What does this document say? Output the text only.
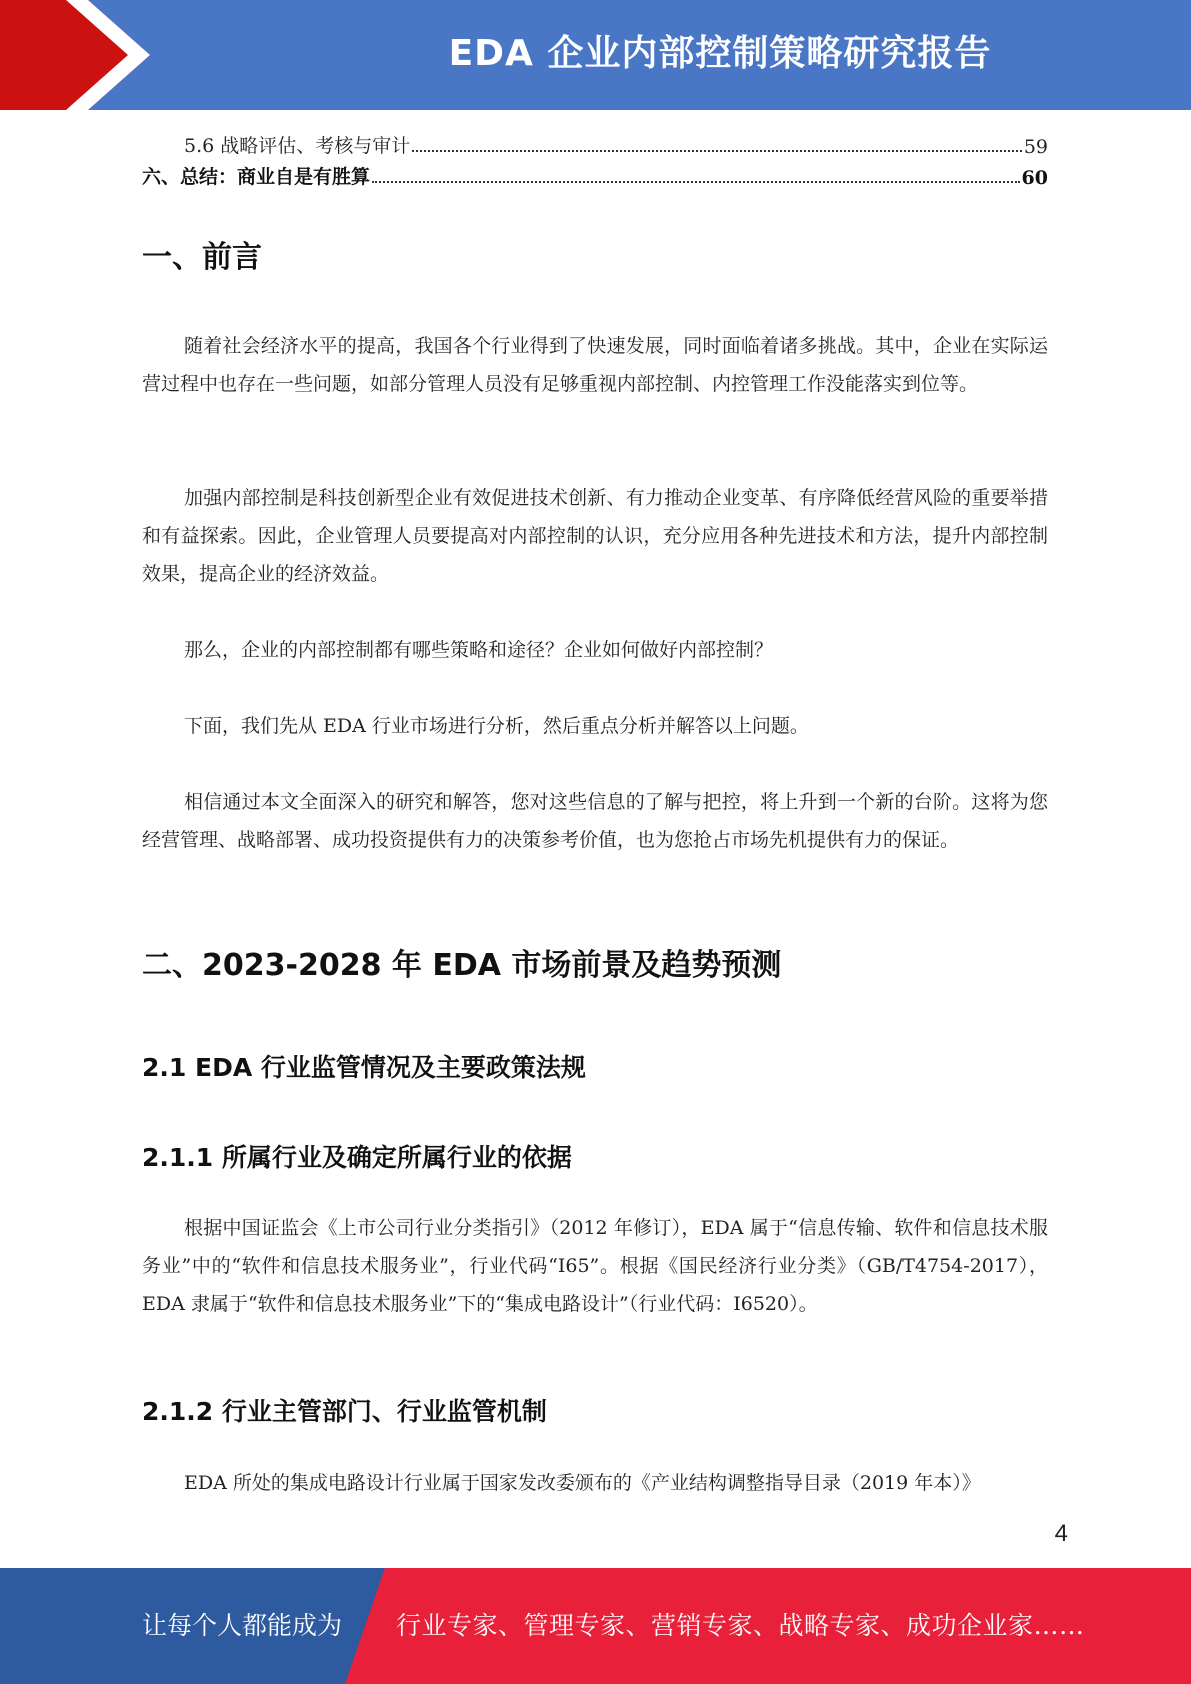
EDA 企业内部控制策略研究报告
5.6 战略评估、考核与审计	59
六、总结：商业自是有胜算	60
一、前言
随着社会经济水平的提高，我国各个行业得到了快速发展，同时面临着诸多挑战。其中，企业在实际运营过程中也存在一些问题，如部分管理人员没有足够重视内部控制、内控管理工作没能落实到位等。
加强内部控制是科技创新型企业有效促进技术创新、有力推动企业变革、有序降低经营风险的重要举措和有益探索。因此，企业管理人员要提高对内部控制的认识，充分应用各种先进技术和方法，提升内部控制效果，提高企业的经济效益。
那么，企业的内部控制都有哪些策略和途径？企业如何做好内部控制？
下面，我们先从 EDA 行业市场进行分析，然后重点分析并解答以上问题。
相信通过本文全面深入的研究和解答，您对这些信息的了解与把控，将上升到一个新的台阶。这将为您经营管理、战略部署、成功投资提供有力的决策参考价值，也为您抢占市场先机提供有力的保证。
二、2023-2028 年 EDA 市场前景及趋势预测
2.1 EDA 行业监管情况及主要政策法规
2.1.1 所属行业及确定所属行业的依据
根据中国证监会《上市公司行业分类指引》（2012 年修订），EDA 属于“信息传输、软件和信息技术服务业”中的“软件和信息技术服务业”，行业代码“I65”。根据《国民经济行业分类》（GB/T4754-2017），EDA 隶属于“软件和信息技术服务业”下的“集成电路设计”（行业代码：I6520）。
2.1.2 行业主管部门、行业监管机制
EDA 所处的集成电路设计行业属于国家发改委颁布的《产业结构调整指导目录（2019 年本）》
4
让每个人都能成为 行业专家、管理专家、营销专家、战略专家、成功企业家……
